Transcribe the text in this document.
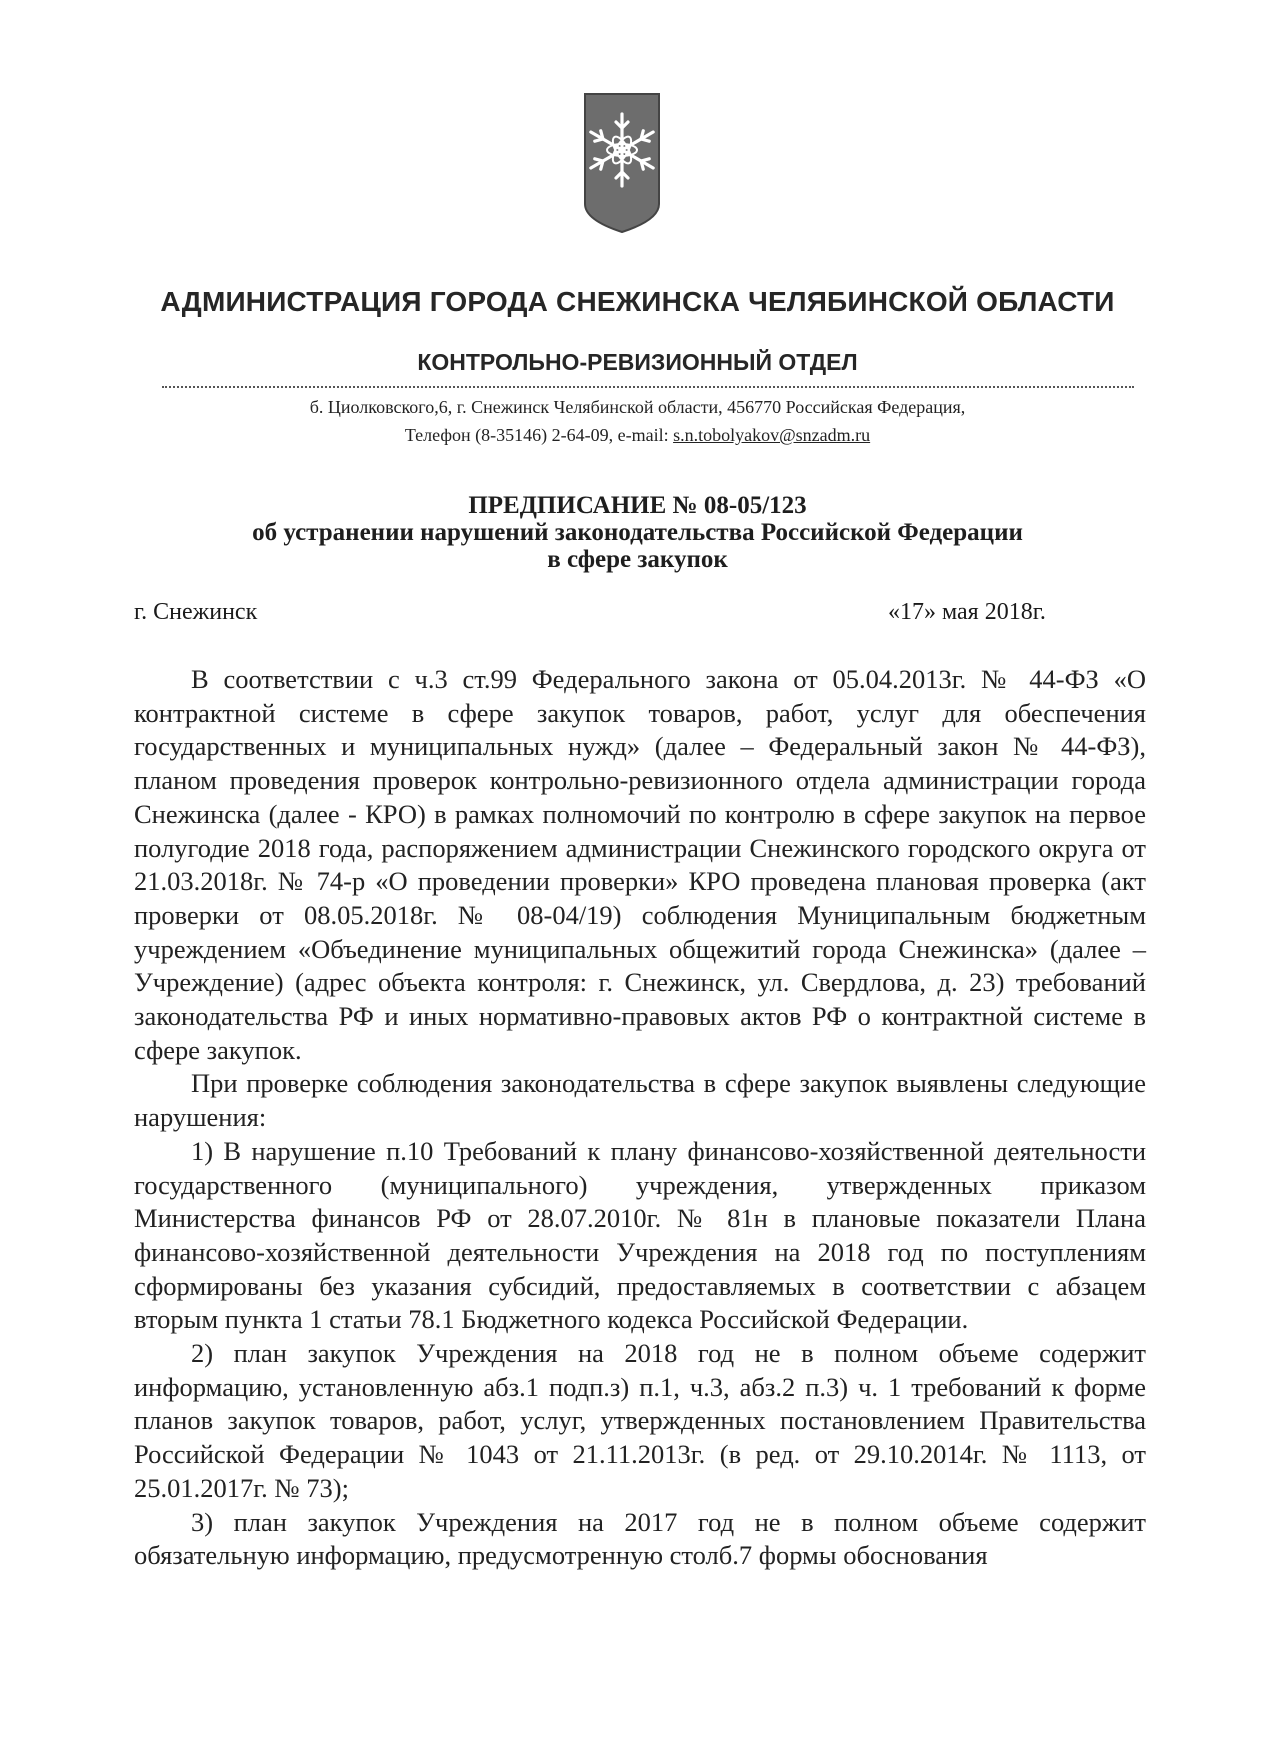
АДМИНИСТРАЦИЯ ГОРОДА СНЕЖИНСКА ЧЕЛЯБИНСКОЙ ОБЛАСТИ
КОНТРОЛЬНО-РЕВИЗИОННЫЙ ОТДЕЛ
б. Циолковского,6, г. Снежинск Челябинской области, 456770 Российская Федерация,
Телефон (8-35146) 2-64-09, e-mail: s.n.tobolyakov@snzadm.ru
ПРЕДПИСАНИЕ № 08-05/123
об устранении нарушений законодательства Российской Федерации
в сфере закупок
г. Снежинск	«17» мая 2018г.

В соответствии с ч.3 ст.99 Федерального закона от 05.04.2013г. № 44-ФЗ «О контрактной системе в сфере закупок товаров, работ, услуг для обеспечения государственных и муниципальных нужд» (далее – Федеральный закон № 44-ФЗ), планом проведения проверок контрольно-ревизионного отдела администрации города Снежинска (далее - КРО) в рамках полномочий по контролю в сфере закупок на первое полугодие 2018 года, распоряжением администрации Снежинского городского округа от 21.03.2018г. № 74-р «О проведении проверки» КРО проведена плановая проверка (акт проверки от 08.05.2018г. № 08-04/19) соблюдения Муниципальным бюджетным учреждением «Объединение муниципальных общежитий города Снежинска» (далее – Учреждение) (адрес объекта контроля: г. Снежинск, ул. Свердлова, д. 23) требований законодательства РФ и иных нормативно-правовых актов РФ о контрактной системе в сфере закупок.

При проверке соблюдения законодательства в сфере закупок выявлены следующие нарушения:

1) В нарушение п.10 Требований к плану финансово-хозяйственной деятельности государственного (муниципального) учреждения, утвержденных приказом Министерства финансов РФ от 28.07.2010г. № 81н в плановые показатели Плана финансово-хозяйственной деятельности Учреждения на 2018 год по поступлениям сформированы без указания субсидий, предоставляемых в соответствии с абзацем вторым пункта 1 статьи 78.1 Бюджетного кодекса Российской Федерации.

2) план закупок Учреждения на 2018 год не в полном объеме содержит информацию, установленную абз.1 подп.з) п.1, ч.3, абз.2 п.3) ч. 1 требований к форме планов закупок товаров, работ, услуг, утвержденных постановлением Правительства Российской Федерации № 1043 от 21.11.2013г. (в ред. от 29.10.2014г. № 1113, от 25.01.2017г. № 73);

3) план закупок Учреждения на 2017 год не в полном объеме содержит обязательную информацию, предусмотренную столб.7 формы обоснования
